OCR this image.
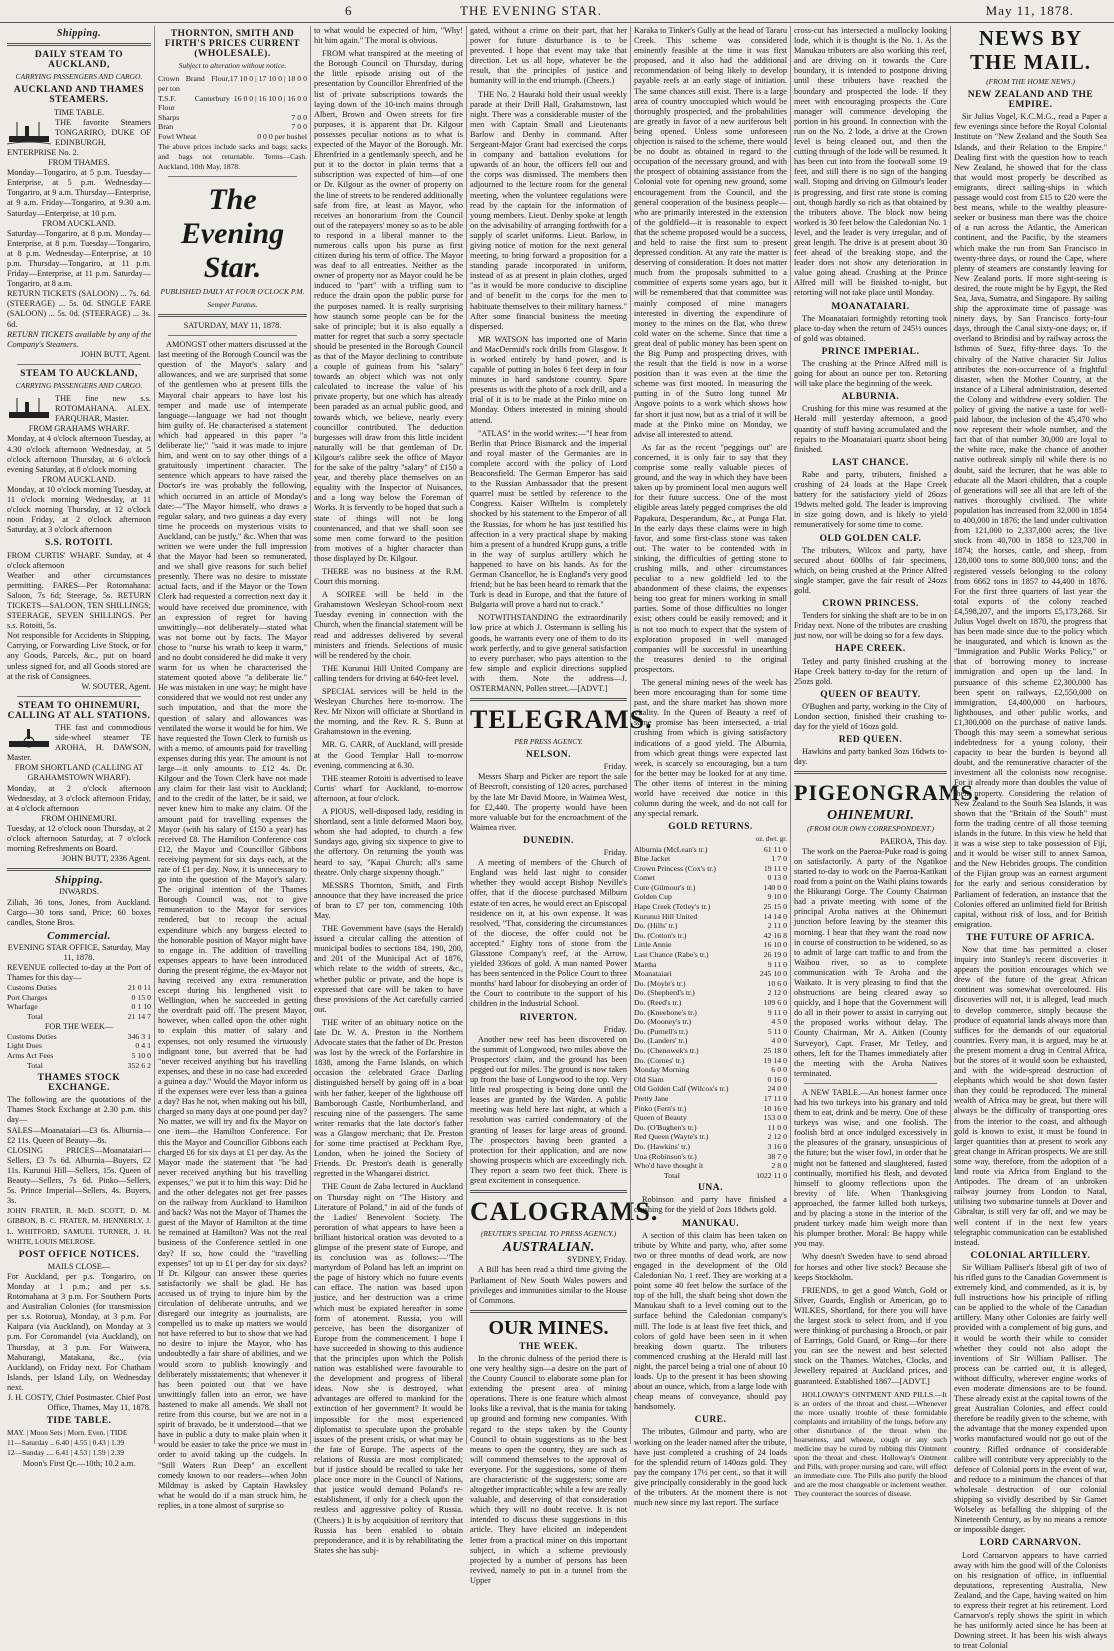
6	THE EVENING STAR.	May 11, 1878.
Shipping.
DAILY STEAM TO AUCKLAND,
CARRYING PASSENGERS AND CARGO.
AUCKLAND AND THAMES STEAMERS.
TIME TABLE.
THE favorite Steamers TONGARIRO, DUKE OF EDINBURGH, ENTERPRISE No. 2.
FROM THAMES.
Monday—Tongariro, at 5 p.m. Tuesday—Enterprise, at 5 p.m. Wednesday—Tongariro, at 9 a.m. Thursday—Enterprise, at 9 a.m. Friday—Tongariro, at 9.30 a.m. Saturday—Enterprise, at 10 p.m.
FROM AUCKLAND.
Saturday—Tongariro, at 8 p.m. Monday—Enterprise, at 8 p.m. Tuesday—Tongariro, at 8 p.m. Wednesday—Enterprise, at 10 p.m. Thursday—Tongariro, at 11 p.m. Friday—Enterprise, at 11 p.m. Saturday—Tongariro, at 8 a.m.
RETURN TICKETS (SALOON) ... 7s. 6d. (STEERAGE) ... 5s. 0d. SINGLE FARE (SALOON) ... 5s. 0d. (STEERAGE) ... 3s. 6d.
RETURN TICKETS available by any of the Company's Steamers.
JOHN BUTT, Agent.
STEAM TO AUCKLAND,
CARRYING PASSENGERS AND CARGO.
THE fine new s.s. ROTOMAHANA. ALEX. FARQUHAR, Master.
FROM GRAHAMS WHARF.
Monday, at 4 o'clock afternoon Tuesday, at 4.30 o'clock afternoon Wednesday, at 5 o'clock afternoon Thursday, at 6 o'clock evening Saturday, at 8 o'clock morning
FROM AUCKLAND.
Monday, at 10 o'clock morning Tuesday, at 11 o'clock morning Wednesday, at 11 o'clock morning Thursday, at 12 o'clock noon Friday, at 2 o'clock afternoon Saturday, at 3 o'clock afternoon
S.S. ROTOITI.
FROM CURTIS' WHARF. Sunday, at 4 o'clock afternoon
Weather and other circumstances permitting. FARES—Per Rotomahana: Saloon, 7s 6d; Steerage, 5s. RETURN TICKETS—SALOON, TEN SHILLINGS; STEERAGE, SEVEN SHILLINGS. Per s.s. Rotoiti, 5s.
Not responsible for Accidents in Shipping, Carrying, or Forwarding Live Stock, or for any Goods, Parcels, &c., put on board unless signed for, and all Goods stored are at the risk of Consignees.
W. SOUTER, Agent.
STEAM TO OHINEMURI, CALLING AT ALL STATIONS.
THE fast and commodious side-wheel steamer TE AROHA, H. DAWSON, Master.
FROM SHORTLAND (CALLING AT GRAHAMSTOWN WHARF).
Monday, at 2 o'clock afternoon Wednesday, at 3 o'clock afternoon Friday, at 4 o'clock afternoon
FROM OHINEMURI.
Tuesday, at 12 o'clock noon Thursday, at 2 o'clock afternoon Saturday, at 7 o'clock morning Refreshments on Board.
JOHN BUTT, 2336 Agent.
Shipping.
INWARDS.
Ziliah, 36 tons, Jones, from Auckland. Cargo—30 tons sand, Price; 60 boxes candles, Stone Bros.
Commercial.
EVENING STAR OFFICE, Saturday, May 11, 1878.
REVENUE collected to-day at the Port of Thames for this day—
Customs Duties	21 0 11
Port Charges	0 15 0
Wharfage	0 1 10
Total	21 14 7
FOR THE WEEK—
Customs Duties	346 3 1
Light Dues	0 4 1
Arms Act Fees	5 10 0
Total	352 6 2
THAMES STOCK EXCHANGE.
The following are the quotations of the Thames Stock Exchange at 2.30 p.m. this day—
SALES—Moanataiari—£3 6s. Alburnia—£2 11s. Queen of Beauty—8s.
CLOSING PRICES—Moanataiari—Sellers, £3 7s 6d. Alburnia—Buyers, £2 11s. Kurunui Hill—Sellers, 15s. Queen of Beauty—Sellers, 7s 6d. Pinko—Sellers, 5s. Prince Imperial—Sellers, 4s. Buyers, 3s.
JOHN FRATER, R. McD. SCOTT, D. M. GIBBON, B. C. FRATER, M. HENNERLY, J. L. WHITFORD, SAMUEL TURNER, J. H. WHITE, LOUIS MELROSE.
POST OFFICE NOTICES.
MAILS CLOSE—
For Auckland, per p.s. Tongariro, on Monday at 1 p.m.; and per s.s. Rotomahana at 3 p.m. For Southern Ports and Australian Colonies (for transmission per s.s. Rotorua), Monday, at 3 p.m. For Kaipara (via Auckland), on Monday at 3 p.m. For Coromandel (via Auckland), on Thursday, at 3 p.m. For Waiwera, Mahurangi, Matakana, &c., (via Auckland), on Friday next. For Chatham Islands, per Island Lily, on Wednesday next.
J. H. COSTY, Chief Postmaster. Chief Post Office, Thames, May 11, 1878.
TIDE TABLE.
MAY. | Moon Sets | Morn. Even. | TIDE
11—Saturday .. 6.40 | 4.55 | 0.43 | 1.39
12—Sunday .... 6.41 | 4.53 | 1.59 | 2.39
Moon's First Qr.—10th; 10.2 a.m.
THORNTON, SMITH AND FIRTH'S PRICES CURRENT (WHOLESALE).
Subject to alteration without notice.
Crown Brand Flour, per ton	17 10 0 | 17 10 0 | 18 0 0
T.S.F. Canterbury Flour	16 0 0 | 16 10 0 | 16 0 0
Sharps	7 0 0
Bran	7 0 0
Fowl Wheat	0 0 0 per bushel
The above prices include sacks and bags; sacks and bags not returnable. Terms—Cash. Auckland, 10th May, 1878.
The Evening Star.
PUBLISHED DAILY AT FOUR O'CLOCK P.M.
Semper Paratus.
SATURDAY, MAY 11, 1878.

AMONGST other matters discussed at the last meeting of the Borough Council was the question of the Mayor's salary and allowances, and we are surprised that some of the gentlemen who at present fills the Mayoral chair appears to have lost his temper and made use of intemperate language—language we had not thought him guilty of. He characterised a statement which had appeared in this paper "a deliberate lie;" "said it was made to injure him, and went on to say other things of a gratuitously impertinent character. The sentence which appears to have raised the Doctor's ire was probably the following, which occurred in an article of Monday's date:—"The Mayor himself, who draws a regular salary, and two guineas a day every time he proceeds on mysterious visits to Auckland, can be justly," &c. When that was written we were under the full impression that the Mayor had been so remunerated, and we shall give reasons for such belief presently. There was no desire to misstate actual facts, and if the Mayor or the Town Clerk had requested a correction next day it would have received due prominence, with an expression of regret for having unwittingly—not deliberately—stated what was not borne out by facts. The Mayor chose to "nurse his wrath to keep it warm," and no doubt considered he did make it very warm for us when he characterised the statement quoted above "a deliberate lie." He was mistaken in one way; he might have considered that we would not rest under any such imputation, and that the more the question of salary and allowances was ventilated the worse it would be for him. We have requested the Town Clerk to furnish us with a memo. of amounts paid for travelling expenses during this year. The amount is not large—it only amounts to £12 4s. Dr. Kilgour and the Town Clerk have not made any claim for their last visit to Auckland; and to the credit of the latter, be it said, we never knew him to make any claim. Of the amount paid for travelling expenses the Mayor (with his salary of £150 a year) has received £8. The Hamilton Conference cost £12, the Mayor and Councillor Gibbons receiving payment for six days each, at the rate of £1 per day. Now, it is unnecessary to go into the question of the Mayor's salary. The original intention of the Thames Borough Council was, not to give remuneration to the Mayor for services rendered, but to recoup the actual expenditure which any burgess elected to the honorable position of Mayor might have to engage in. The addition of travelling expenses appears to have been introduced during the present régime, the ex-Mayor not having received any extra remuneration except during his lengthened visit to Wellington, when he succeeded in getting the overdraft paid off. The present Mayor, however, when called upon the other night to explain this matter of salary and expenses, not only resumed the virtuously indignant tone, but averred that he had "never received anything but his travelling expenses, and these in no case had exceeded a guinea a day." Would the Mayor inform us if the expenses were ever less than a guinea a day? Has he not, when making out his bill, charged so many days at one pound per day? No matter, we will try and fix the Mayor on one item—the Hamilton Conference. For this the Mayor and Councillor Gibbons each charged £6 for six days at £1 per day. As the Mayor made the statement that "he had never received anything but his travelling expenses," we put it to him this way: Did he and the other delegates not get free passes on the railway from Auckland to Hamilton and back? Was not the Mayor of Thames the guest of the Mayor of Hamilton at the time he remained at Hamilton? Was not the real business of the Conference settled in one day? If so, how could the "travelling expenses" tot up to £1 per day for six days? If Dr. Kilgour can answer these queries satisfactorily we shall be glad. He has accused us of trying to injure him by the circulation of deliberate untruths, and we disregard our integrity as journalists, are compelled us to make up matters we would not have referred to but to show that we had no desire to injure the Mayor, who has undoubtedly a fair share of abilities, and we would scorn to publish knowingly and deliberately misstatements; that whenever it has been pointed out that we have unwittingly fallen into an error, we have hastened to make all amends. We shall not retire from this course, but we are not in a spirit of bravado, be it understood—that we have in public a duty to make plain when it would be easier to take the price we must in order to avoid taking up the cudgels. In "Still Waters Run Deep" an excellent comedy known to our readers—when John Mildmay is asked by Captain Hawksley what he would do if a man struck him, he replies, in a tone almost of surprise so

to what would be expected of him, "Why! hit him again." The moral is obvious.

FROM what transpired at the meeting of the Borough Council on Thursday, during the little episode arising out of the presentation by Councillor Ehrenfried of the list of private subscriptions towards the laying down of the 10-inch mains through Albert, Brown and Owen streets for fire purposes, it is apparent that Dr. Kilgour possesses peculiar notions as to what is expected of the Mayor of the Borough. Mr. Ehrenfried in a gentlemanly speech, and he put it to the doctor in plain terms that a subscription was expected of him—of one or Dr. Kilgour as the owner of property on the line of streets to be rendered additionally safe from fire, at least as Mayor, who receives an honorarium from the Council out of the ratepayers' money so as to be able to respond in a liberal manner to the numerous calls upon his purse as first citizen during his term of office. The Mayor was deaf to all entreaties. Neither as the owner of property nor as Mayor could he be induced to "part" with a trifling sum to reduce the drain upon the public purse for the purposes named. It is really surprising how staunch some people can be for the sake of principle; but it is also equally a matter for regret that such a sorry spectacle should be presented in the Borough Council as that of the Mayor declining to contribute a couple of guineas from his "salary" towards an object which was not only calculated to increase the value of his private property, but one which has already been paraded as an actual public good, and towards which, we believe, nearly every councillor contributed. The deduction burgesses will draw from this little incident naturally will be that gentleman of Dr. Kilgour's calibre seek the office of Mayor for the sake of the paltry "salary" of £150 a year, and thereby place themselves on an equality with the Inspector of Nuisances, and a long way below the Foreman of Works. It is fervently to be hoped that such a state of things will not be long countenanced, and that we shall soon see some men come forward to the position from motives of a higher character than those displayed by Dr. Kilgour.

THERE was no business at the R.M. Court this morning.

A SOIREE will be held in the Grahamstown Wesleyan School-room next Tuesday evening in connection with the Church, when the financial statement will be read and addresses delivered by several ministers and friends. Selections of music will be rendered by the choir.

THE Kurunui Hill United Company are calling tenders for driving at 640-feet level.

SPECIAL services will be held in the Wesleyan Churches here to-morrow. The Rev. Mr Nixon will officiate at Shortland in the morning, and the Rev. R. S. Bunn at Grahamstown in the evening.

MR. G. CARR, of Auckland, will preside at the Good Templar Hall to-morrow evening, commencing at 6.30.

THE steamer Rotoiti is advertised to leave Curtis' wharf for Auckland, to-morrow afternoon, at four o'clock.

A PIOUS, well-disposed lady, residing in Shortland, sent a little deformed Maori boy, whom she had adopted, to church a few Sundays ago, giving six sixpence to give to the offertory. On returning the youth was heard to say, "Kapai Church; all's same theatre. Only charge sixpenny though."

MESSRS Thornton, Smith, and Firth announce that they have increased the price of bran to £7 per ton, commencing 10th May.

THE Government have (says the Herald) issued a circular calling the attention of municipal bodies to sections 184, 190, 200, and 201 of the Municipal Act of 1876, which relate to the width of streets, &c., whether public or private, and the hope is expressed that care will be taken to have these provisions of the Act carefully carried out.

THE writer of an obituary notice on the late Dr. W. A. Preston in the Northern Advocate states that the father of Dr. Preston was lost by the wreck of the Forfarshire in 1838, among the Farne Islands, on which occasion the celebrated Grace Darling distinguished herself by going off in a boat with her father, keeper of the lighthouse off Bamborough Castle, Northumberland, and rescuing nine of the passengers. The same writer remarks that the late doctor's father was a Glasgow merchant; that Dr. Preston for some time practised at Peckham Rye, London, when he joined the Society of Friends. Dr. Preston's death is generally regretted in the Whangarei district.

THE Count de Zaba lectured in Auckland on Thursday night on "The History and Literature of Poland," in aid of the funds of the Ladies' Benevolent Society. The peroration of what appears to have been a brilliant historical oration was devoted to a glimpse of the present state of Europe, and its conclusion was as follows:—"The martyrdom of Poland has left an imprint on the page of history which no future events can efface. The nation was based upon justice, and her destruction was a crime which must be expiated hereafter in some form of atonement. Russia, you will perceive, has been the disorganizer of Europe from the commencement. I hope I have succeeded in showing to this audience that the principles upon which the Polish nation was established were favourable to the development and progress of liberal ideas. Now she is destroyed, what advantages are offered to mankind for the extinction of her government? It would be impossible for the most experienced diplomatist to speculate upon the probable issues of the present crisis, or what may be the fate of Europe. The aspects of the relations of Russia are most complicated; but if justice should be recalled to take her place once more in the Council of Nations, that justice would demand Poland's re-establishment, if only for a check upon the restless and aggressive policy of Russia. (Cheers.) It is by acquisition of territory that Russia has been enabled to obtain preponderance, and it is by rehabilitating the States she has subj-

gated, without a crime on their part, that her power for future disturbance is to be prevented. I hope that event may take that direction. Let us all hope, whatever be the result, that the principles of justice and humanity will in the end triumph. (Cheers.)

THE No. 2 Hauraki hold their usual weekly parade at their Drill Hall, Grahamstown, last night. There was a considerable muster of the men with Captain Small and Lieutenants Barlow and Denby in command. After Sergeant-Major Grant had exercised the corps in company and battalion evolutions for upwards of an hour, the officers fell out and the corps was dismissed. The members then adjourned to the lecture room for the general meeting, when the volunteer regulations were read by the captain for the information of young members. Lieut. Denby spoke at length on the advisability of arranging forthwith for a supply of scarlet uniforms. Lieut. Barlow, in giving notice of motion for the next general meeting, to bring forward a proposition for a standing parade incorporated in uniform, instead of as at present in plain clothes, urged "as it would be more conducive to discipline and of benefit to the corps for the men to habituate themselves to their military harness." After some financial business the meeting dispersed.

MR WATSON has imported one of Marin and MacDermid's rock drills from Glasgow. It is worked entirely by hand power, and is capable of putting in holes 6 feet deep in four minutes in hard sandstone country. Spare presents us with the photo of a rock drill, and a trial of it is to be made at the Pinko mine on Monday. Others interested in mining should attend.

"ATLAS" in the world writes:—"I hear from Berlin that Prince Bismarck and the imperial and royal master of the Germanies are in complete accord with the policy of Lord Beaconsfield. The German Emperor has said to the Russian Ambassador that the present quarrel must be settled by reference to the Congress. Kaiser Wilhelm is completely shocked by his statement to the Emperor of all the Russias, for whom he has just testified his affection in a very practical shape by making him a present of a hundred Krupp guns, a trifle in the way of surplus artillery which he happened to have on his hands. As for the German Chancellor, he is England's very good friend; but he has been heard to remark that the Turk is dead in Europe, and that the future of Bulgaria will prove a hard nut to crack."

NOTWITHSTANDING the extraordinarily low price at which J. Ostermann is selling his goods, he warrants every one of them to do its work perfectly, and to give general satisfaction to every purchaser, who pays attention to the few simple and explicit directions supplied with them. Note the address—J. OSTERMANN, Pollen street.—[ADVT.]

TELEGRAMS.
PER PRESS AGENCY.
NELSON.
Friday.

Messrs Sharp and Picker are report the sale of Beecroft, consisting of 120 acres, purchased by the late Mr David Moore, in Waimea West, for £2,440. The property would have been more valuable but for the encroachment of the Waimea river.

DUNEDIN.
Friday.

A meeting of members of the Church of England was held last night to consider whether they would accept Bishop Neville's offer, that if the diocese purchased Milburn estate of ten acres, he would erect an Episcopal residence on it, at his own expense. It was resolved, "That, considering the circumstances of the diocese, the offer could not be accepted." Eighty tons of stone from the Glasstone Company's reef, at the Arrow, yielded 336ozs of gold. A man named Power has been sentenced in the Police Court to three months' hard labour for disobeying an order of the Court to contribute to the support of his children in the Industrial School.

RIVERTON.
Friday.

Another new reef has been discovered on the summit of Longwood, two miles above the Prospectors' claim, and the ground has been pegged out for miles. The ground is now taken up from the base of Longwood to the top. Very little real prospecting is being done until the leases are granted by the Warden. A public meeting was held here last night, at which a resolution was carried condemnatory of the granting of leases for large areas of ground. The prospectors having been granted a protection for their application, and are now showing prospects which are exceedingly rich. They report a seam two feet thick. There is great excitement in consequence.

CALOGRAMS.
(REUTER'S SPECIAL TO PRESS AGENCY.)
AUSTRALIAN.
SYDNEY, Friday.

A Bill has been read a third time giving the Parliament of New South Wales powers and privileges and immunities similar to the House of Commons.

OUR MINES.
THE WEEK.

In the chronic dulness of the period there is one very healthy sign—a desire on the part of the County Council to elaborate some plan for extending the present area of mining operations. There is one feature which almost looks like a revival, that is the mania for taking up ground and forming new companies. With regard to the steps taken by the County Council to obtain suggestions as to the best means to open the country, they are such as will commend themselves to the approval of everyone. For the suggestions, some of them are characteristic of the suggesters; some are altogether impracticable; while a few are really valuable, and deserving of that consideration which they will no doubt receive. It is not intended to discuss these suggestions in this article. They have elicited an independent letter from a practical miner on this important subject, in which a scheme previously projected by a number of persons has been revived, namely to put in a tunnel from the Upper

Karaka to Tinker's Gully at the head of Tararu Creek. This scheme was considered eminently feasible at the time it was first proposed, and it also had the additional recommendation of being likely to develop payable reefs at an early stage of initiation. The same chances still exist. There is a large area of country unoccupied which would be thoroughly prospected, and the probabilities are greatly in favor of a new auriferous belt being opened. Unless some unforeseen objection is raised to the scheme, there would be no doubt as obtained in regard to the occupation of the necessary ground, and with the prospect of obtaining assistance from the Colonial vote for opening new ground, some encouragement from the Council, and the general cooperation of the business people—who are primarily interested in the extension of the goldfield—it is reasonable to expect that the scheme proposed would be a success, and held to raise the first sum to present depressed condition. At any rate the matter is deserving of consideration. It does not matter much from the proposals submitted to a committee of experts some years ago, but it will be remembered that that committee was mainly composed of mine managers interested in diverting the expenditure of money to the mines on the flat, who threw cold water on the scheme. Since that time a great deal of public money has been spent on the Big Pump and prospecting drives, with the result that the field is now in a worse position than it was even at the time the scheme was first mooted. In measuring the putting in of the Sutro long tunnel Mr Angove points to a work which shows how far short it just now, but as a trial of it will be made at the Pinko mine on Monday, we advise all interested to attend.

As far as the recent "peggings out" are concerned, it is only fair to say that they comprise some really valuable pieces of ground, and the way in which they have been taken up by prominent local men augurs well for their future success. One of the most eligible areas lately pegged comprises the old Papakura, Desperandum, &c., at Punga Flat. In the early days these claims were in high favor, and some first-class stone was taken out. The water to be contended with in sinking, the difficulties of getting stone to crushing mills, and other circumstances peculiar to a new goldfield led to the abandonment of these claims, the expenses being too great for miners working in small parties. Some of those difficulties no longer exist; others could be easily removed; and it is not too much to expect that the system of exploration proposed in well managed companies will be successful in unearthing the treasures denied to the original prospectors.

The general mining news of the week has been more encouraging than for some time past, and the share market has shown more vitality. In the Queen of Beauty a reef of some promise has been intersected, a trial crushing from which is giving satisfactory indications of a good yield. The Alburnia, from which great things were expected last week, is scarcely so encouraging, but a turn for the better may be looked for at any time. The other items of interest in the mining world have received due notice in this column during the week, and do not call for any special remark.

GOLD RETURNS.
oz. dwt. gr.
Alburnia (McLean's tr.)	61 11 0
Blue Jacket	1 7 0
Crown Princess (Cox's tr.)	19 11 0
Comet	0 13 0
Cure (Gilmour's tr.)	140 0 0
Golden Cup	9 10 0
Hape Creek (Tetley's tr.)	25 15 0
Kurunui Hill United	14 14 0
Do. (Hills' tr.)	2 11 0
Do. (Cotton's tr.)	42 16 8
Little Annie	16 10 0
Last Chance (Rabe's tr.)	26 19 0
Martha	9 11 0
Moanataiari	245 10 0
Do. (Moyle's tr.)	10 6 0
Do. (Shepherd's tr.)	2 12 0
Do. (Reed's tr.)	109 6 0
Do. (Kneebone's tr.)	9 11 0
Do. (Mooney's tr.)	4 5 0
Do. (Purnell's tr.)	5 11 0
Do. (Landers' tr.)	4 0 0
Do. (Chenowek's tr.)	25 18 0
Do. (Cornes' tr.)	19 14 0
Monday Morning	6 0 0
Old Siam	0 16 0
Old Golden Calf (Wilcox's tr.)	24 0 0
Pretty Jane	17 11 0
Pinko (Fern's tr.)	10 16 0
Queen of Beauty	153 0 0
Do. (O'Bughen's tr.)	11 0 0
Red Queen (Wayte's tr.)	2 12 0
Do. (Hawkins' tr.)	3 16 0
Una (Robinson's tr.)	38 7 0
Who'd have thought it	2 8 0
Total	1022 11 0
UNA.

Robinson and party have finished a crushing for the yield of 2ozs 18dwts gold.

MANUKAU.

A section of this claim has been taken on tribute by White and party, who, after some two or three months of dead work, are now engaged in the development of the Old Caledonian No. 1 reef. They are working at a point some 40 feet below the surface of the top of the hill, the shaft being shot down the Manukau shaft to a level coming out to the surface behind the Caledonian company's mill. The lode is at least five feet thick, and colors of gold have been seen in it when breaking down quartz. The tributers commenced crushing at the Herald mill last night, the parcel being a trial one of about 10 loads. Up to the present it has been showing about an ounce, which, from a large lode with cheap means of conveyance, should pay handsomely.

CURE.

The tributes, Gilmour and party, who are working on the leader named after the tribute, have just completed a crushing of 24 loads for the splendid return of 140ozs gold. They pay the company 17½ per cent., so that it will give principally considerably in the good luck of the tributers. At the moment there is not much new since my last report. The surface

cross-cut has intersected a mullocky looking lode, which it is thought is the No. 1. As the Manukau tributers are also working this reef, and are driving on it towards the Cure boundary, it is intended to postpone driving until these tributers have reached the boundary and prospected the lode. If they meet with encouraging prospects the Cure manager will commence developing the portion in his ground. In connection with the run on the No. 2 lode, a drive at the Crown level is being cleaned out, and then the cutting through of the lode will be resumed. It has been cut into from the footwall some 19 feet, and still there is no sign of the hanging wall. Stoping and driving on Gilmour's leader is progressing, and first rate stone is coming out, though hardly so rich as that obtained by the tributers above. The block now being worked is 30 feet below the Caledonian No. 1 level, and the leader is very irregular, and of great length. The drive is at present about 30 feet ahead of the breaking stope, and the leader does not show any deterioration in value going ahead. Crushing at the Prince Alfred mill will be finished to-night, but retorting will not take place until Monday.

MOANATAIARI.

The Moanataiari fortnightly retorting took place to-day when the return of 245½ ounces of gold was obtained.

PRINCE IMPERIAL.

The crushing at the Prince Alfred mill is going for about an ounce per ton. Retorting will take place the beginning of the week.

ALBURNIA.

Crushing for this mine was resumed at the Herald mill yesterday afternoon, a good quantity of stuff having accumulated and the repairs to the Moanataiari quartz shoot being finished.

LAST CHANCE.

Rabe and party, tributers, finished a crushing of 24 loads at the Hape Creek battery for the satisfactory yield of 26ozs 19dwts melted gold. The leader is improving in size going down, and is likely to yield remuneratively for some time to come.

OLD GOLDEN CALF.

The tributers, Wilcox and party, have secured about 600lbs of fair specimens, which, on being crushed at the Prince Alfred single stamper, gave the fair result of 24ozs gold.

CROWN PRINCESS.

Tenders for sinking the shaft are to be in on Friday next. None of the tributes are crushing just now, nor will be doing so for a few days.

HAPE CREEK.

Tetley and party finished crushing at the Hape Creek battery to-day for the return of 25ozs gold.

QUEEN OF BEAUTY.

O'Bughen and party, working in the City of London section, finished their crushing to-day for the yield of 16ozs gold.

RED QUEEN.

Hawkins and party banked 3ozs 16dwts to-day.

PIGEONGRAMS.
OHINEMURI.
(FROM OUR OWN CORRESPONDENT.)
PAEROA, This day.

The work on the Paeroa-Puke road is going on satisfactorily. A party of the Ngatikoe started to-day to work on the Paeroa-Katikati road from a point on the Waihi plains towards the Hikurangi Gorge. The County Chairman had a private meeting with some of the principal Aroha natives at the Ohinemuri junction before leaving by the steamer this morning. I hear that they want the road now in course of construction to be widened, so as to admit of large cart traffic to and from the Waihou river, so as to complete communication with Te Aroha and the Waikato. It is very pleasing to find that the obstructions are being cleared away so quickly, and I hope that the Government will do all in their power to assist in carrying out the proposed works without delay. The County Chairman, Mr A. Aitken (County Surveyor), Capt. Fraser, Mr Tetley, and others, left for the Thames immediately after the meeting with the Aroha Natives terminated.

A NEW TABLE.—An honest farmer once had his two turkeys into his granary and told them to eat, drink and be merry. One of these turkeys was wise, and one foolish. The foolish bird at once indulged excessively in the pleasures of the granary, unsuspicious of the future; but the wiser fowl, in order that he might not be fattened and slaughtered, fasted continually, mortified his flesh, and devoted himself to gloomy reflections upon the brevity of life. When Thanksgiving approached, the farmer killed both turkeys, and by placing a stone in the interior of the prudent turkey made him weigh more than his plumper brother. Moral: Be happy while you may.

Why doesn't Sweden have to send abroad for horses and other live stock? Because she keeps Stockholm.

FRIENDS, to get a good Watch, Gold or Silver, Guards, English or American, go to WILKES, Shortland, for there you will have the largest stock to select from, and if you were thinking of purchasing a Brooch, or pair of Earrings, Gold Guard, or Ring—for there you can see the newest and best selected stock on the Thames. Watches, Clocks, and Jewellery repaired at Auckland prices, and guaranteed. Established 1867—[ADVT.]

HOLLOWAY'S OINTMENT AND PILLS.—It is an orders of the throat and chest.—Whenever the more usually trouble of these formidable complaints and irritability of the lungs, before any other disturbance of the throat when the hoarseness, and wheeze, cough or any such medicine may be cured by rubbing this Ointment upon the throat and chest. Holloway's Ointment and Pills, with proper nursing and care, will effect an immediate cure. The Pills also purify the blood and are the most changeable or inclement weather. They counteract the sources of disease.

NEWS BY THE MAIL.
(FROM THE HOME NEWS.)
NEW ZEALAND AND THE EMPIRE.

Sir Julius Vogel, K.C.M.G., read a Paper a few evenings since before the Royal Colonial Institute on "New Zealand and the South Sea Islands, and their Relation to the Empire." Dealing first with the question how to reach New Zealand, he showed that for the class that would most properly be described as emigrants, direct sailing-ships in which passage would cost from £15 to £20 were the best means, while to the wealthy pleasure-seeker or business man there was the choice of a run across the Atlantic, the American continent, and the Pacific, by the steamers which make the run from San Francisco in twenty-three days, or round the Cape, where plenty of steamers are constantly leaving for New Zealand ports. If more sight-seeing is desired, the route might be by Egypt, the Red Sea, Java, Sumatra, and Singapore. By sailing ship the approximate time of passage was ninety days, by San Francisco forty-four days, through the Canal sixty-one days; or, if overland to Brindisi and by railway across the Isthmus of Suez, fifty-three days. To the chivalry of the Native character Sir Julius attributes the non-occurrence of a frightful disaster, when the Mother Country, at the instance of a Liberal administration, deserted the Colony and withdrew every soldier. The policy of giving the native a taste for well-paid labour, the inclusion of the 45,470 who now represent their whole number, and the fact that of that number 30,000 are loyal to the white race, make the chance of another native outbreak simply nil while there is no doubt, said the lecturer, that he was able to educate all the Maori children, that a couple of generations will see all that are left of the natives thoroughly civilised. The white population has increased from 32,000 in 1854 to 400,000 in 1876; the land under cultivation from 121,000 to 2,337,000 acres; the live stock from 40,700 in 1858 to 123,700 in 1874; the horses, cattle, and sheep, from 128,000 tons to some 800,000 tons; and the registered vessels belonging to the colony from 6662 tons in 1857 to 44,400 in 1876. For the first three quarters of last year the total exports of the colony reached £4,598,207, and the imports £5,173,268. Sir Julius Vogel dwelt on 1870, the progress that has been made since due to the policy which he inaugurated, and which is known as the "Immigration and Public Works Policy," or that of borrowing money to increase immigration and open up the land. In pursuance of this scheme £2,300,000 has been spent on railways, £2,550,000 on immigration, £4,400,000 on harbours, lighthouses, and other public works, and £1,300,000 on the purchase of native lands. Though this may seem a somewhat serious indebtedness for a young colony, their capacity to bear the burden is beyond all doubt, and the remunerative character of the investment all the colonists now recognise. For it already more than doubles the value of their property. Considering the relation of New Zealand to the South Sea Islands, it was shown that the "Britain of the South" must form the trading centre of all those teeming islands in the future. In this view he held that it was a wise step to take possession of Fiji, and it would be wiser still to annex Samoa, and the New Hebrides groups. The condition of the Fijian group was an earnest argument for the early and serious consideration by Parliament of federation, an instance that the Colonies offered an unlimited field for British capital, without risk of loss, and for British emigration.

THE FUTURE OF AFRICA.

Now that time has permitted a closer inquiry into Stanley's recent discoveries it appears the position encourages which we drew of the future of the great African continent was somewhat overcoloured. His discoveries will not, it is alleged, lead much to develop commerce, simply because the produce of equatorial lands always more than suffices for the demands of our equatorial countries. Every man, it is argued, may be at the present moment a drug in Central Africa, but the stores of it would soon be exhausted, and with the wide-spread destruction of elephants which would be shot down faster than they could be reproduced. The mineral wealth of Africa may be great, but there will always be the difficulty of transporting ores from the interior to the coast, and although gold is known to exist, it must be found in larger quantities than at present to work any great change in African prospects. We are still some way, therefore, from the adoption of a land route via Africa from England to the Antipodes. The dream of an unbroken railway journey from London to Natal, utilising two submarine tunnels at Dover and Gibraltar, is still very far off, and we may be well content if in the next few years telegraphic communication can be established instead.

COLONIAL ARTILLERY.

Sir William Palliser's liberal gift of two of his rifled guns to the Canadian Government is extremely kind, and commended, as it is, by full instructions how his principle of rifling can be applied to the whole of the Canadian artillery. Many other Colonies are fairly well provided with a complement of big guns, and it would be worth their while to consider whether they could not also adopt the inventions of Sir William Palliser. The process can be carried out, it is alleged, without difficulty, wherever engine works of even moderate dimensions are to be found. These already exist at the capital towns of the great Australian Colonies, and effect could therefore be readily given to the scheme, with the advantage that the money expended upon works manufactured would not go out of the country. Rifled ordnance of considerable calibre will contribute very appreciably to the defence of Colonial ports in the event of war, and reduce to a minimum the chances of that wholesale destruction of our colonial shipping so vividly described by Sir Garnet Wolseley as befalling the shipping of the Nineteenth Century, as by no means a remote or impossible danger.

LORD CARNARVON.

Lord Carnarvon appears to have carried away with him the good will of the Colonists on his resignation of office, in influential deputations, representing Australia, New Zealand, and the Cape, having waited on him to express their regret at his retirement. Lord Carnarvon's reply shows the spirit in which he has uniformly acted since he has been at Downing street. It has been his wish always to treat Colonial
